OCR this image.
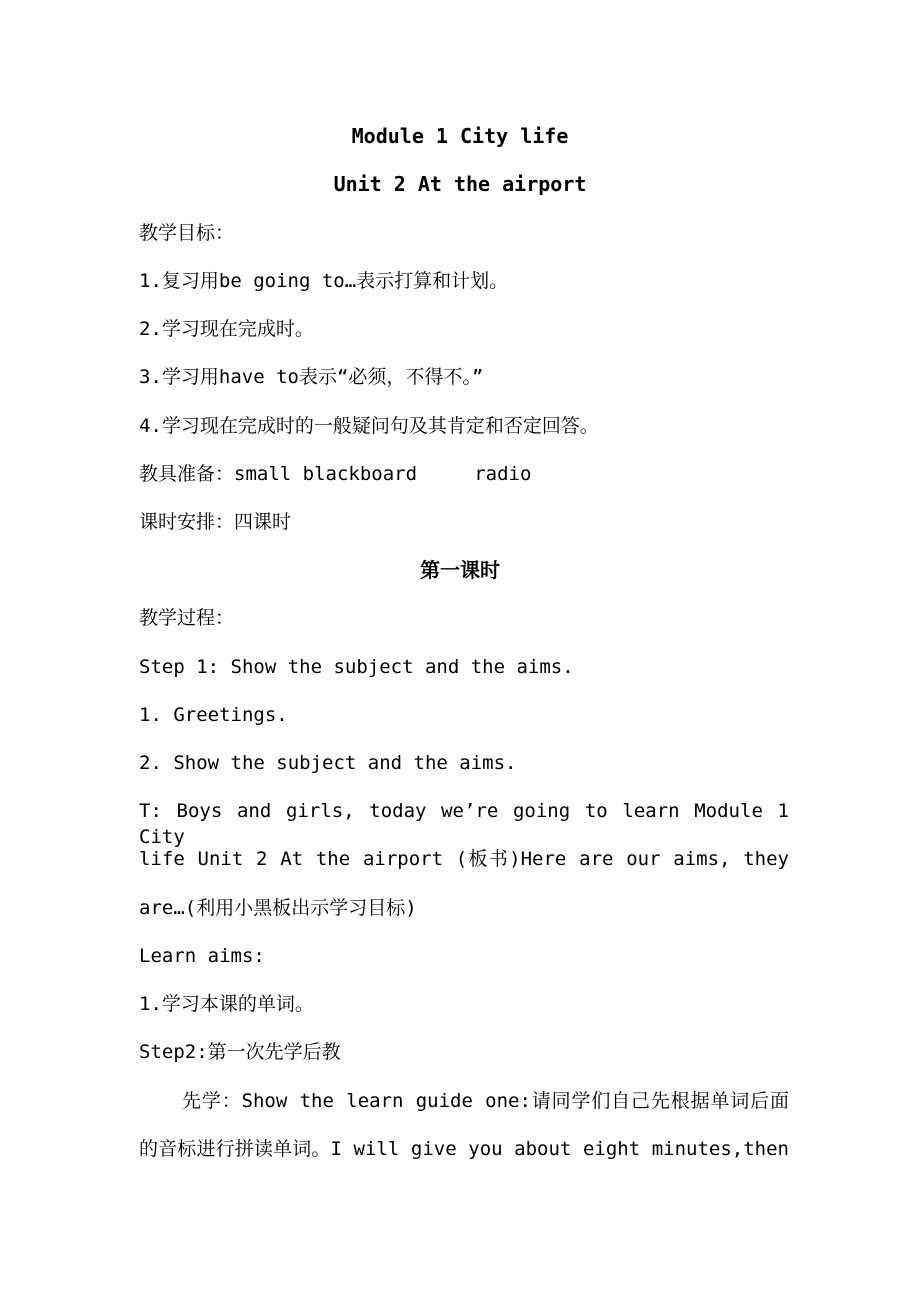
Module 1 City life
Unit 2 At the airport
教学目标：
1.复习用be going to…表示打算和计划。
2.学习现在完成时。
3.学习用have to表示“必须，不得不。”
4.学习现在完成时的一般疑问句及其肯定和否定回答。
教具准备：small blackboard     radio
课时安排：四课时
第一课时
教学过程：
Step 1: Show the subject and the aims.
1. Greetings.
2. Show the subject and the aims.
T: Boys and girls, today we’re going to learn Module 1 City
life Unit 2 At the airport (板书)Here are our aims, they
are…(利用小黑板出示学习目标)
Learn aims:
1.学习本课的单词。
Step2:第一次先学后教
先学：Show the learn guide one:请同学们自己先根据单词后面
的音标进行拼读单词。I will give you about eight minutes,then
